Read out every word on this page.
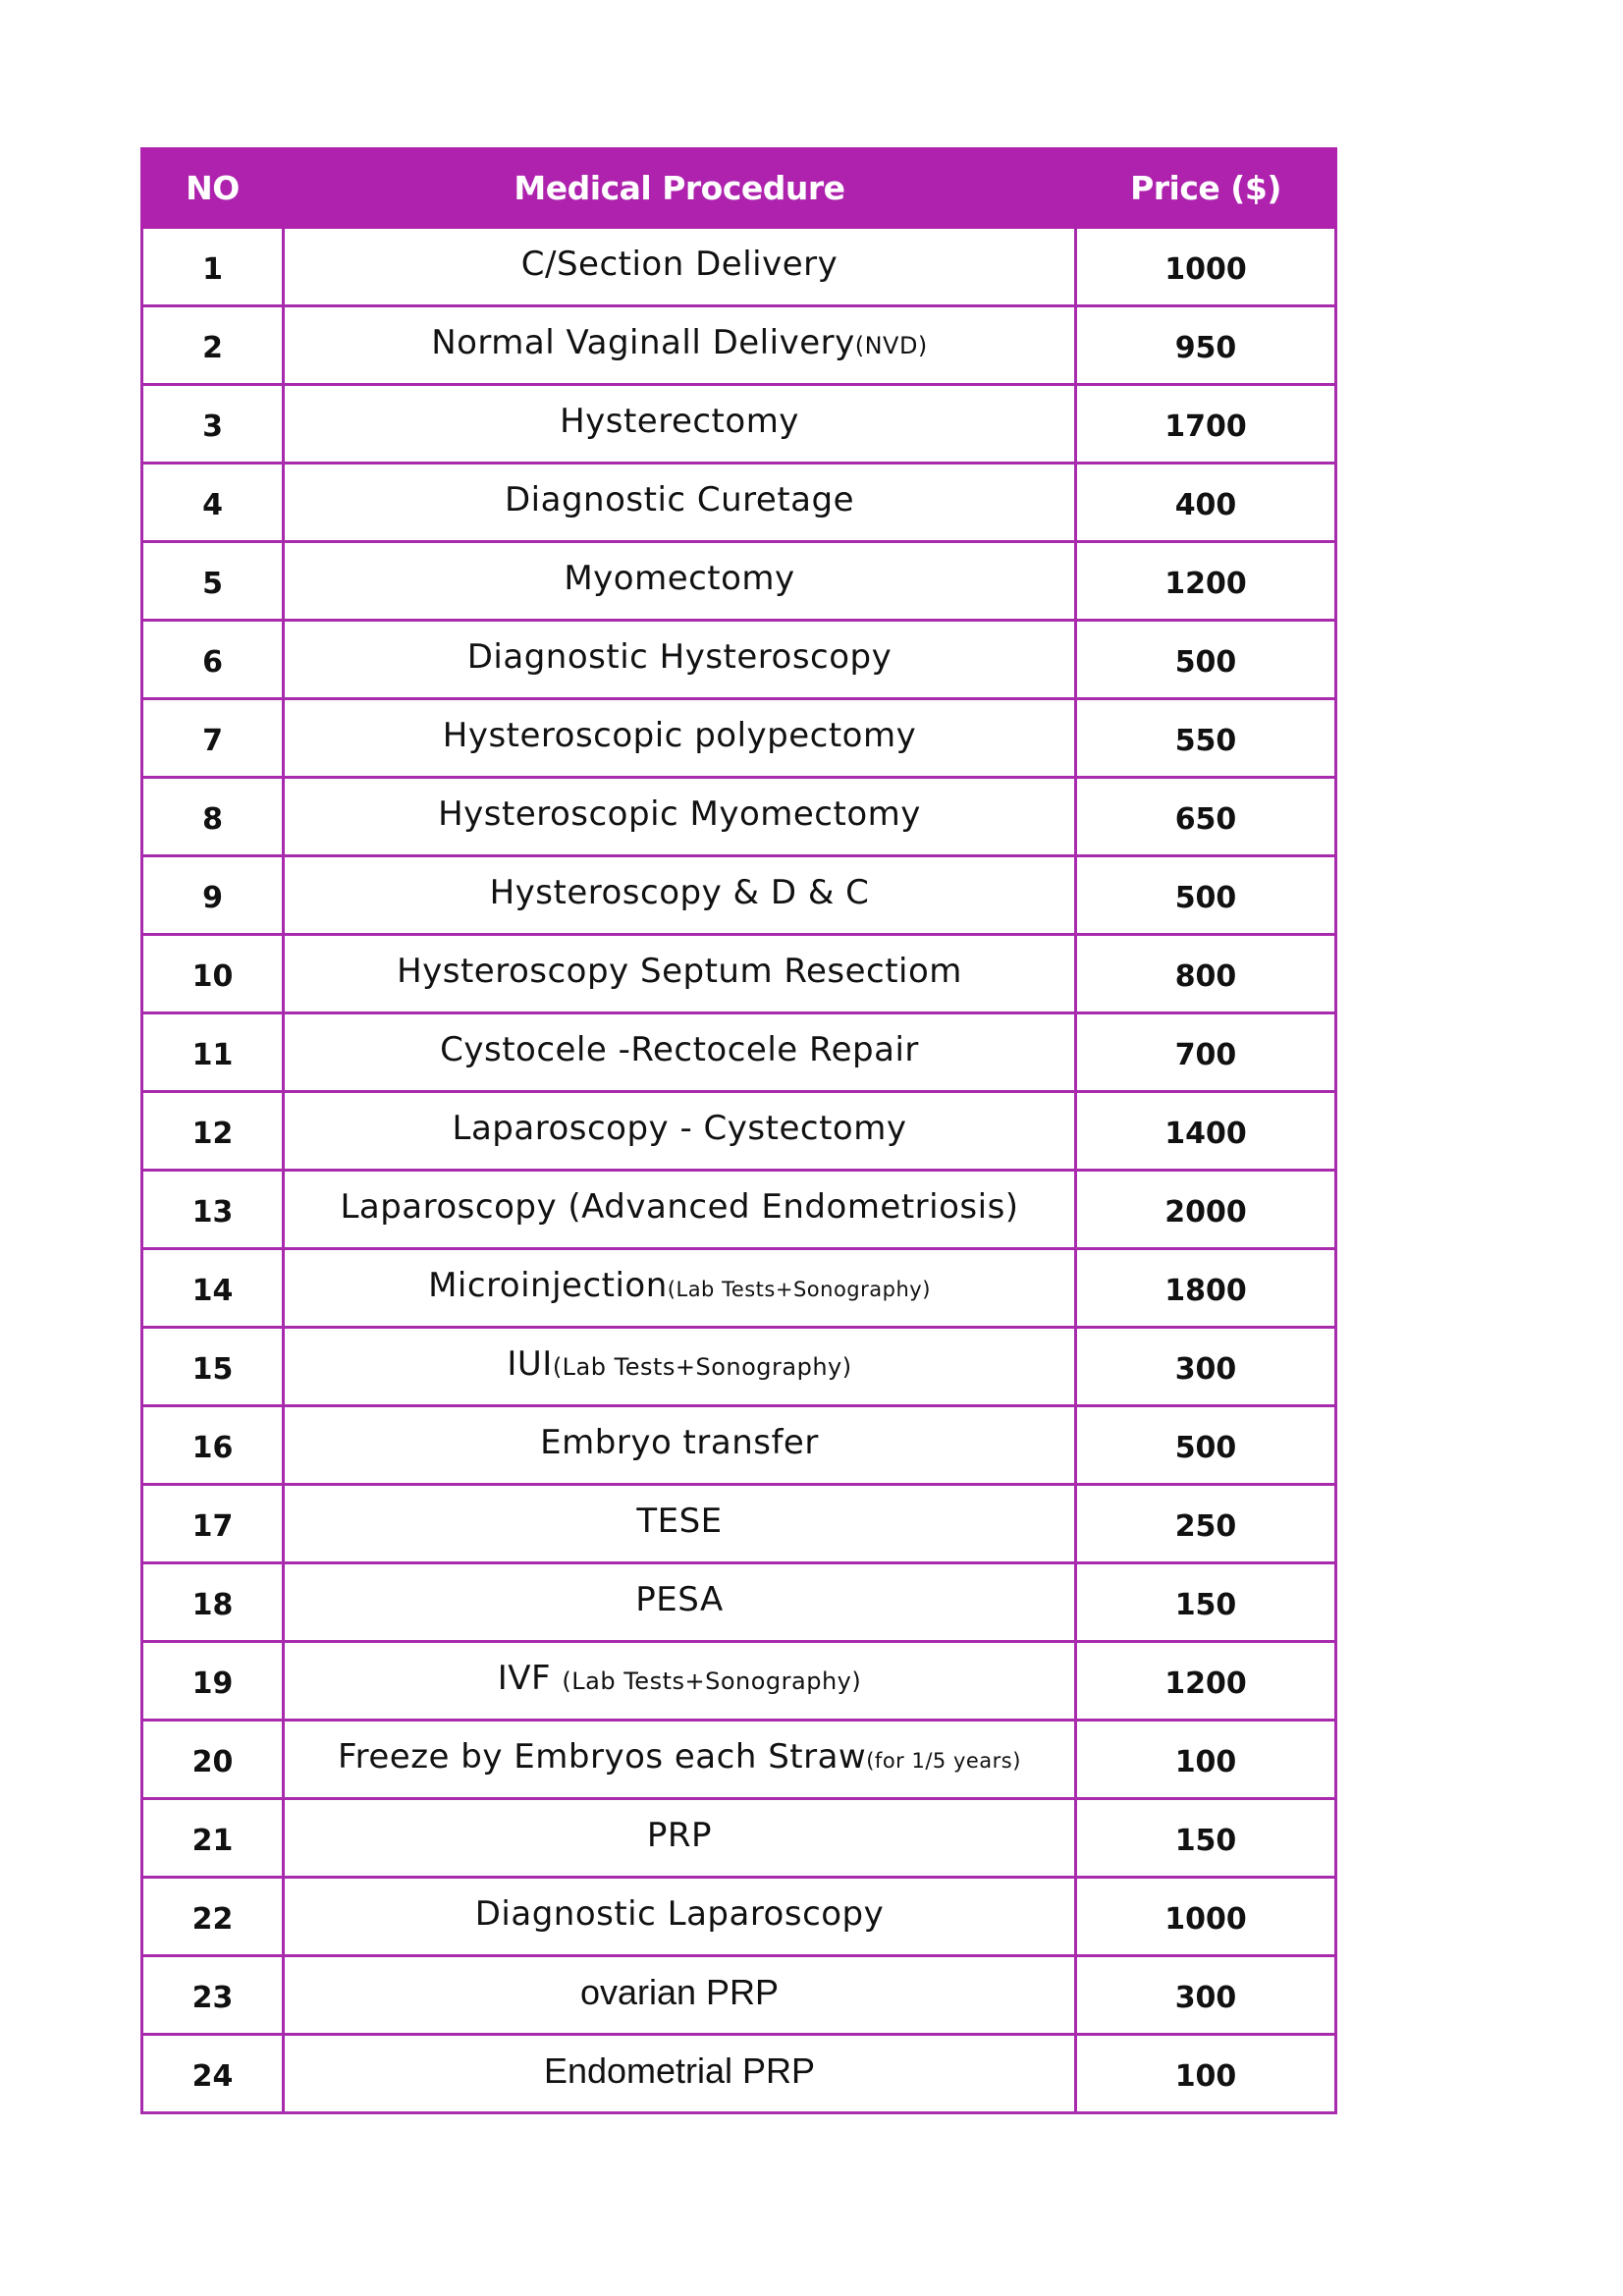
NO	Medical Procedure	Price ($)
1	C/Section Delivery	1000
2	Normal Vaginall Delivery(NVD)	950
3	Hysterectomy	1700
4	Diagnostic Curetage	400
5	Myomectomy	1200
6	Diagnostic Hysteroscopy	500
7	Hysteroscopic polypectomy	550
8	Hysteroscopic Myomectomy	650
9	Hysteroscopy & D & C	500
10	Hysteroscopy Septum Resectiom	800
11	Cystocele -Rectocele Repair	700
12	Laparoscopy - Cystectomy	1400
13	Laparoscopy (Advanced Endometriosis)	2000
14	Microinjection(Lab Tests+Sonography)	1800
15	IUI(Lab Tests+Sonography)	300
16	Embryo transfer	500
17	TESE	250
18	PESA	150
19	IVF (Lab Tests+Sonography)	1200
20	Freeze by Embryos each Straw(for 1/5 years)	100
21	PRP	150
22	Diagnostic Laparoscopy	1000
23	ovarian PRP	300
24	Endometrial PRP	100
